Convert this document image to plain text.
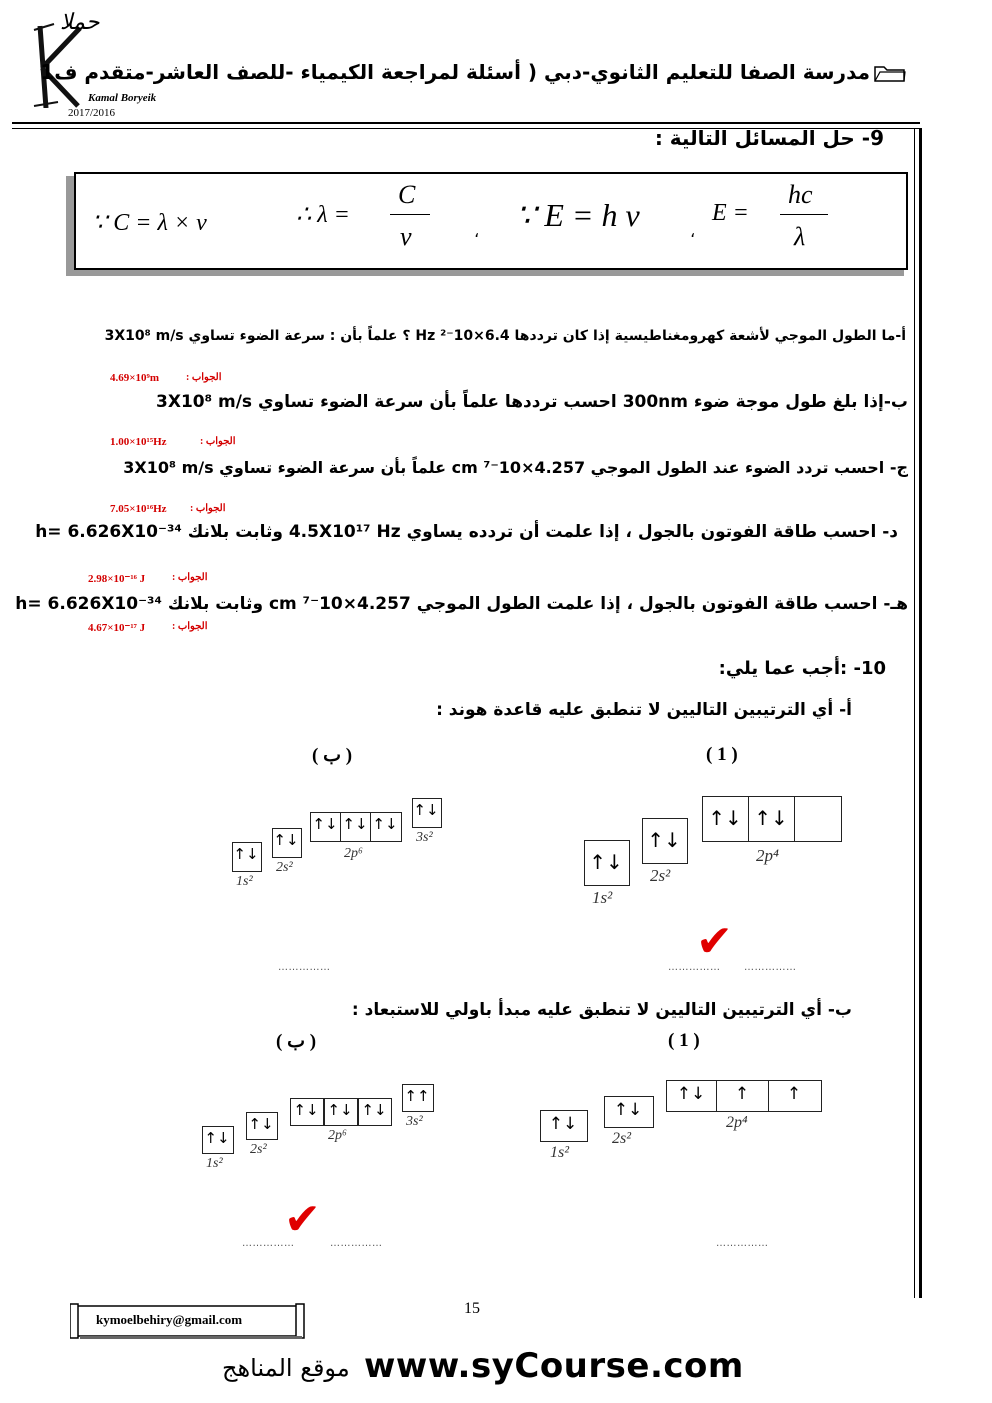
حملا
Kamal Boryeik
2017/2016
مدرسة الصفا للتعليم الثانوي-دبي ( أسئلة لمراجعة الكيمياء -للصف العاشر-متقدم ف1
9- حل المسائل التالية :
∵ C = λ × ν	∴ λ =
C
ν	، ∵ E = h ν	،
E =
hc
λ
أ-ما الطول الموجي لأشعة كهرومغناطيسية إذا كان ترددها 6.4×10⁻² Hz ؟ علماً بأن : سرعة الضوء تساوي 3X10⁸ m/s
الجواب :
4.69×10⁹m
ب-إذا بلغ طول موجة ضوء 300nm احسب ترددها علماً بأن سرعة الضوء تساوي 3X10⁸ m/s
الجواب :
1.00×10¹⁵Hz
ج- احسب تردد الضوء عند الطول الموجي 4.257×10⁻⁷ cm علماً بأن سرعة الضوء تساوي 3X10⁸ m/s
الجواب :
7.05×10¹⁶Hz
د- احسب طاقة الفوتون بالجول ، إذا علمت أن تردده يساوي 4.5X10¹⁷ Hz وثابت بلانك h= 6.626X10⁻³⁴
الجواب :
2.98×10⁻¹⁶ J
هـ- احسب طاقة الفوتون بالجول ، إذا علمت الطول الموجي 4.257×10⁻⁷ cm وثابت بلانك h= 6.626X10⁻³⁴
الجواب :
4.67×10⁻¹⁷ J
10- :أجب عما يلي:
أ- أي الترتيبين التاليين لا تنطبق عليه قاعدة هوند :
( 1 )
( ب )
↑↓
1s²
↑↓
2s²
↑↓ ↑↓
2p⁴
✔
…………… ……………
↑↓
1s²
↑↓
2s²
↑↓ ↑↓ ↑↓
2p⁶
↑↓
3s²
……………
ب- أي الترتيبين التاليين لا تنطبق عليه مبدأ باولي للاستبعاد :
( 1 )
( ب )
↑↓
1s²
↑↓
2s²
↑↓	↑	↑
2p⁴
……………
↑↓
1s²
↑↓
2s²
↑↓ ↑↓ ↑↓
2p⁶
↑↑
3s²
✔
……………	……………
kymoelbehiry@gmail.com
15
www.syCourse.com
موقع المناهج
